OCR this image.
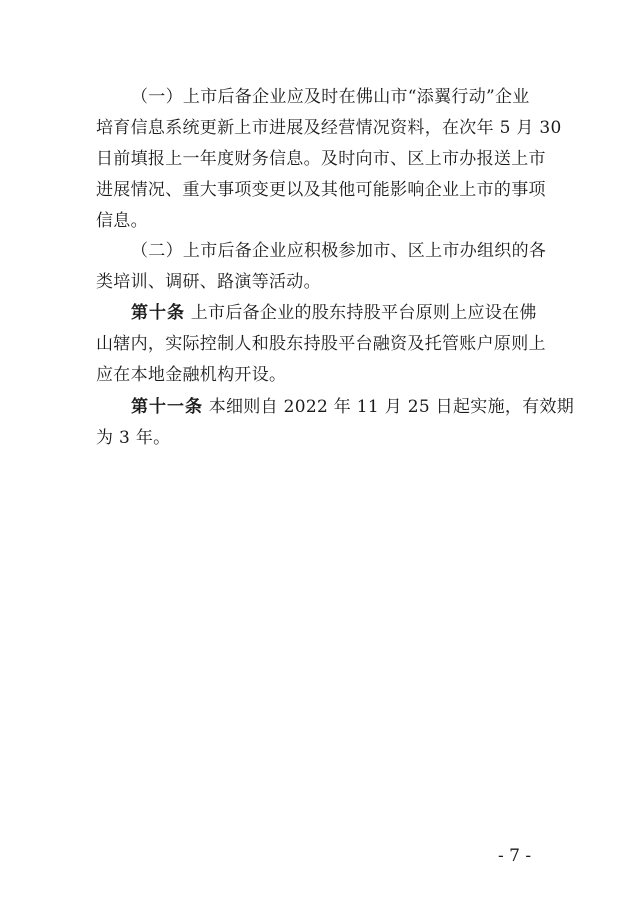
（一）上市后备企业应及时在佛山市“添翼行动”企业
培育信息系统更新上市进展及经营情况资料，在次年 5 月 30
日前填报上一年度财务信息。及时向市、区上市办报送上市
进展情况、重大事项变更以及其他可能影响企业上市的事项
信息。
（二）上市后备企业应积极参加市、区上市办组织的各
类培训、调研、路演等活动。
第十条 上市后备企业的股东持股平台原则上应设在佛
山辖内，实际控制人和股东持股平台融资及托管账户原则上
应在本地金融机构开设。
第十一条 本细则自 2022 年 11 月 25 日起实施，有效期
为 3 年。
- 7 -
